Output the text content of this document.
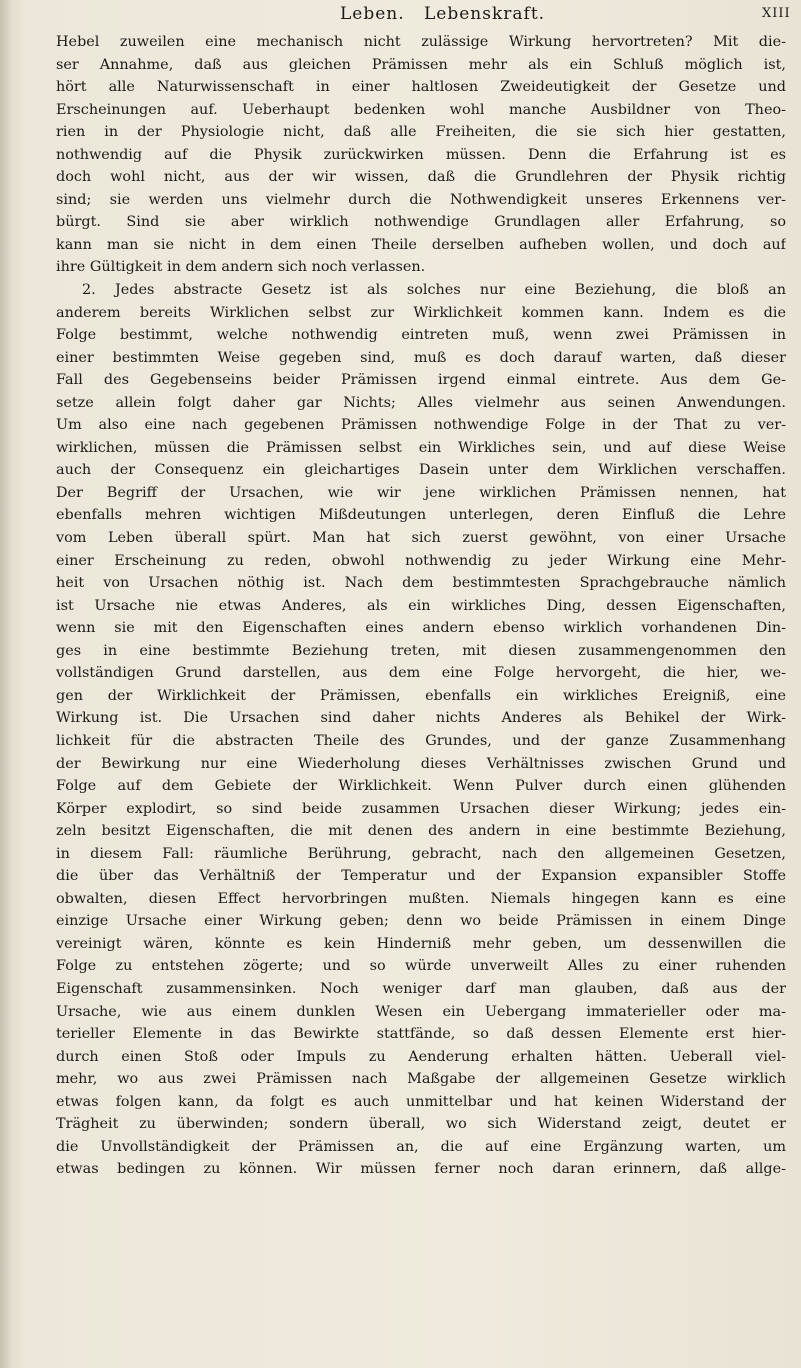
Leben. Lebenskraft.	XIII
Hebel zuweilen eine mechanisch nicht zulässige Wirkung hervortreten? Mit die-
ser Annahme, daß aus gleichen Prämissen mehr als ein Schluß möglich ist,
hört alle Naturwissenschaft in einer haltlosen Zweideutigkeit der Gesetze und
Erscheinungen auf. Ueberhaupt bedenken wohl manche Ausbildner von Theo-
rien in der Physiologie nicht, daß alle Freiheiten, die sie sich hier gestatten,
nothwendig auf die Physik zurückwirken müssen. Denn die Erfahrung ist es
doch wohl nicht, aus der wir wissen, daß die Grundlehren der Physik richtig
sind; sie werden uns vielmehr durch die Nothwendigkeit unseres Erkennens ver-
bürgt. Sind sie aber wirklich nothwendige Grundlagen aller Erfahrung, so
kann man sie nicht in dem einen Theile derselben aufheben wollen, und doch auf
ihre Gültigkeit in dem andern sich noch verlassen.
2. Jedes abstracte Gesetz ist als solches nur eine Beziehung, die bloß an
anderem bereits Wirklichen selbst zur Wirklichkeit kommen kann. Indem es die
Folge bestimmt, welche nothwendig eintreten muß, wenn zwei Prämissen in
einer bestimmten Weise gegeben sind, muß es doch darauf warten, daß dieser
Fall des Gegebenseins beider Prämissen irgend einmal eintrete. Aus dem Ge-
setze allein folgt daher gar Nichts; Alles vielmehr aus seinen Anwendungen.
Um also eine nach gegebenen Prämissen nothwendige Folge in der That zu ver-
wirklichen, müssen die Prämissen selbst ein Wirkliches sein, und auf diese Weise
auch der Consequenz ein gleichartiges Dasein unter dem Wirklichen verschaffen.
Der Begriff der Ursachen, wie wir jene wirklichen Prämissen nennen, hat
ebenfalls mehren wichtigen Mißdeutungen unterlegen, deren Einfluß die Lehre
vom Leben überall spürt. Man hat sich zuerst gewöhnt, von einer Ursache
einer Erscheinung zu reden, obwohl nothwendig zu jeder Wirkung eine Mehr-
heit von Ursachen nöthig ist. Nach dem bestimmtesten Sprachgebrauche nämlich
ist Ursache nie etwas Anderes, als ein wirkliches Ding, dessen Eigenschaften,
wenn sie mit den Eigenschaften eines andern ebenso wirklich vorhandenen Din-
ges in eine bestimmte Beziehung treten, mit diesen zusammengenommen den
vollständigen Grund darstellen, aus dem eine Folge hervorgeht, die hier, we-
gen der Wirklichkeit der Prämissen, ebenfalls ein wirkliches Ereigniß, eine
Wirkung ist. Die Ursachen sind daher nichts Anderes als Behikel der Wirk-
lichkeit für die abstracten Theile des Grundes, und der ganze Zusammenhang
der Bewirkung nur eine Wiederholung dieses Verhältnisses zwischen Grund und
Folge auf dem Gebiete der Wirklichkeit. Wenn Pulver durch einen glühenden
Körper explodirt, so sind beide zusammen Ursachen dieser Wirkung; jedes ein-
zeln besitzt Eigenschaften, die mit denen des andern in eine bestimmte Beziehung,
in diesem Fall: räumliche Berührung, gebracht, nach den allgemeinen Gesetzen,
die über das Verhältniß der Temperatur und der Expansion expansibler Stoffe
obwalten, diesen Effect hervorbringen mußten. Niemals hingegen kann es eine
einzige Ursache einer Wirkung geben; denn wo beide Prämissen in einem Dinge
vereinigt wären, könnte es kein Hinderniß mehr geben, um dessenwillen die
Folge zu entstehen zögerte; und so würde unverweilt Alles zu einer ruhenden
Eigenschaft zusammensinken. Noch weniger darf man glauben, daß aus der
Ursache, wie aus einem dunklen Wesen ein Uebergang immaterieller oder ma-
terieller Elemente in das Bewirkte stattfände, so daß dessen Elemente erst hier-
durch einen Stoß oder Impuls zu Aenderung erhalten hätten. Ueberall viel-
mehr, wo aus zwei Prämissen nach Maßgabe der allgemeinen Gesetze wirklich
etwas folgen kann, da folgt es auch unmittelbar und hat keinen Widerstand der
Trägheit zu überwinden; sondern überall, wo sich Widerstand zeigt, deutet er
die Unvollständigkeit der Prämissen an, die auf eine Ergänzung warten, um
etwas bedingen zu können. Wir müssen ferner noch daran erinnern, daß allge-
